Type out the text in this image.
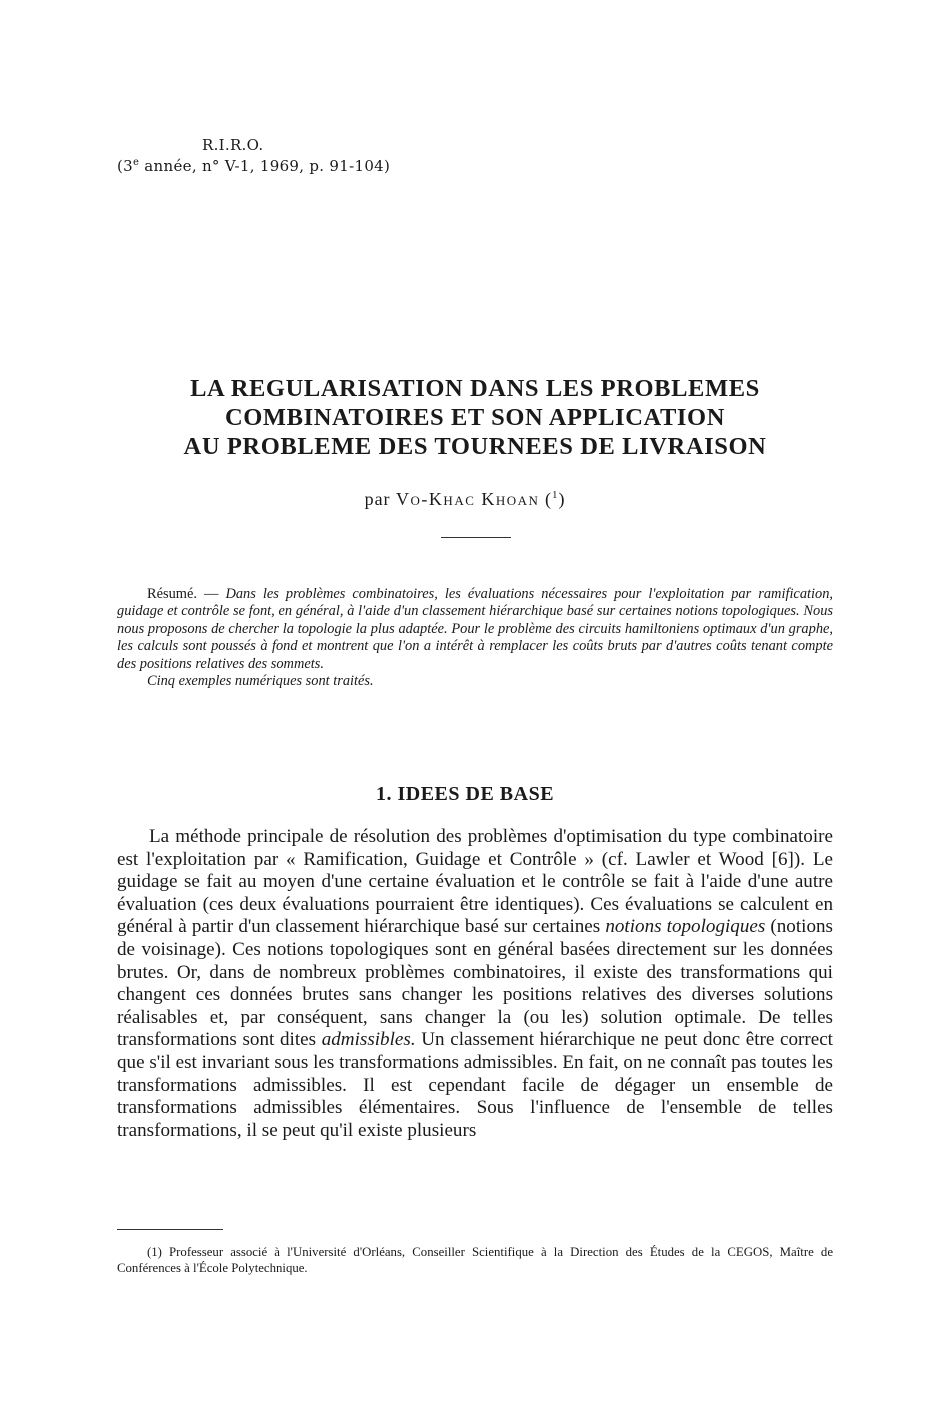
R.I.R.O.
(3e année, n° V-1, 1969, p. 91-104)
LA REGULARISATION DANS LES PROBLEMES
COMBINATOIRES ET SON APPLICATION
AU PROBLEME DES TOURNEES DE LIVRAISON
par Vo-Khac Khoan ($^1$)

Résumé. — Dans les problèmes combinatoires, les évaluations nécessaires pour l'exploitation par ramification, guidage et contrôle se font, en général, à l'aide d'un classement hiérarchique basé sur certaines notions topologiques. Nous nous proposons de chercher la topologie la plus adaptée. Pour le problème des circuits hamiltoniens optimaux d'un graphe, les calculs sont poussés à fond et montrent que l'on a intérêt à remplacer les coûts bruts par d'autres coûts tenant compte des positions relatives des sommets.

Cinq exemples numériques sont traités.

1. IDEES DE BASE

La méthode principale de résolution des problèmes d'optimisation du type combinatoire est l'exploitation par « Ramification, Guidage et Contrôle » (cf. Lawler et Wood [6]). Le guidage se fait au moyen d'une certaine évaluation et le contrôle se fait à l'aide d'une autre évaluation (ces deux évaluations pourraient être identiques). Ces évaluations se calculent en général à partir d'un classement hiérarchique basé sur certaines notions topologiques (notions de voisinage). Ces notions topologiques sont en général basées directement sur les données brutes. Or, dans de nombreux problèmes combinatoires, il existe des transformations qui changent ces données brutes sans changer les positions relatives des diverses solutions réalisables et, par conséquent, sans changer la (ou les) solution optimale. De telles transformations sont dites admissibles. Un classement hiérarchique ne peut donc être correct que s'il est invariant sous les transformations admissibles. En fait, on ne connaît pas toutes les transformations admissibles. Il est cependant facile de dégager un ensemble de transformations admissibles élémentaires. Sous l'influence de l'ensemble de telles transformations, il se peut qu'il existe plusieurs

(1) Professeur associé à l'Université d'Orléans, Conseiller Scientifique à la Direction des Études de la CEGOS, Maître de Conférences à l'École Polytechnique.
